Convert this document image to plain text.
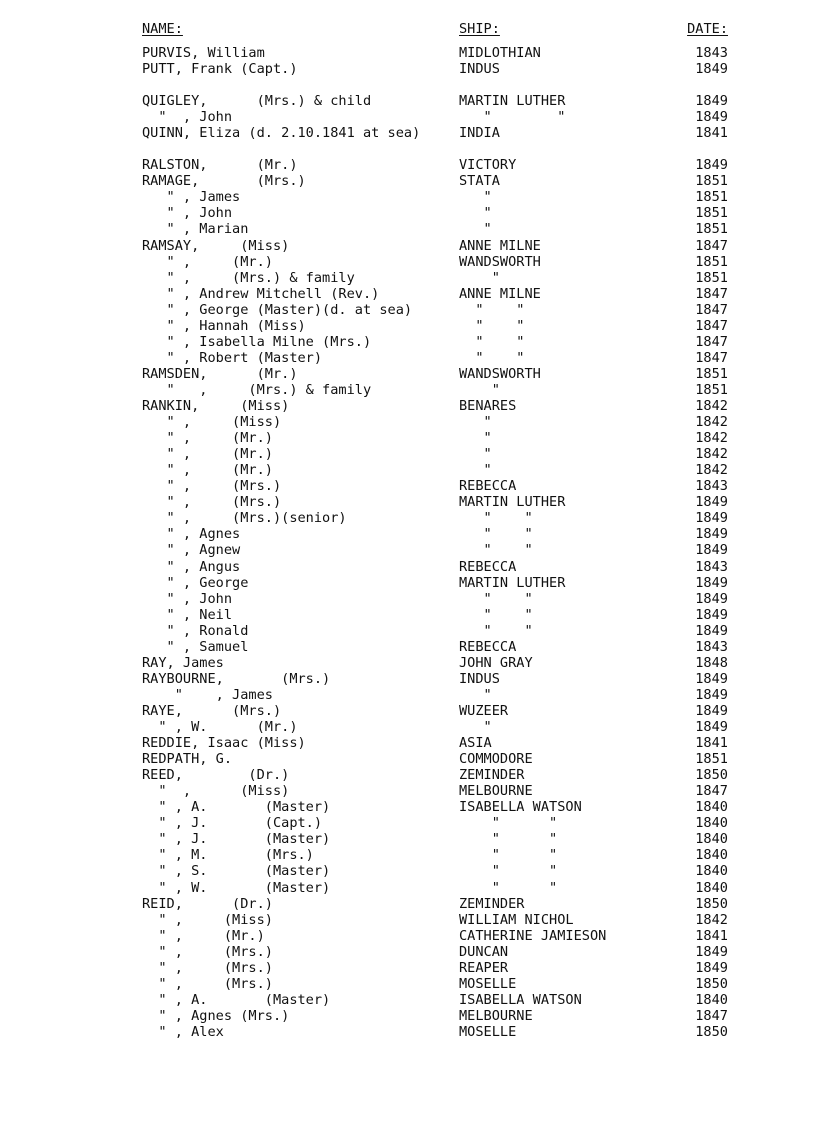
NAME:	SHIP:	DATE:
PURVIS, William	MIDLOTHIAN	1843
PUTT, Frank (Capt.)	INDUS	1849
QUIGLEY,      (Mrs.) & child	MARTIN LUTHER	1849
"  , John	"        "	1849
QUINN, Eliza (d. 2.10.1841 at sea)	INDIA	1841
RALSTON,      (Mr.)	VICTORY	1849
RAMAGE,       (Mrs.)	STATA	1851
" , James	"	1851
" , John	"	1851
" , Marian	"	1851
RAMSAY,     (Miss)	ANNE MILNE	1847
" ,     (Mr.)	WANDSWORTH	1851
" ,     (Mrs.) & family	"	1851
" , Andrew Mitchell (Rev.)	ANNE MILNE	1847
" , George (Master)(d. at sea)	"    "	1847
" , Hannah (Miss)	"    "	1847
" , Isabella Milne (Mrs.)	"    "	1847
" , Robert (Master)	"    "	1847
RAMSDEN,      (Mr.)	WANDSWORTH	1851
"   ,     (Mrs.) & family	"	1851
RANKIN,     (Miss)	BENARES	1842
" ,     (Miss)	"	1842
" ,     (Mr.)	"	1842
" ,     (Mr.)	"	1842
" ,     (Mr.)	"	1842
" ,     (Mrs.)	REBECCA	1843
" ,     (Mrs.)	MARTIN LUTHER	1849
" ,     (Mrs.)(senior)	"    "	1849
" , Agnes	"    "	1849
" , Agnew	"    "	1849
" , Angus	REBECCA	1843
" , George	MARTIN LUTHER	1849
" , John	"    "	1849
" , Neil	"    "	1849
" , Ronald	"    "	1849
" , Samuel	REBECCA	1843
RAY, James	JOHN GRAY	1848
RAYBOURNE,       (Mrs.)	INDUS	1849
"    , James	"	1849
RAYE,      (Mrs.)	WUZEER	1849
" , W.      (Mr.)	"	1849
REDDIE, Isaac (Miss)	ASIA	1841
REDPATH, G.	COMMODORE	1851
REED,        (Dr.)	ZEMINDER	1850
"  ,      (Miss)	MELBOURNE	1847
" , A.       (Master)	ISABELLA WATSON	1840
" , J.       (Capt.)	"      "	1840
" , J.       (Master)	"      "	1840
" , M.       (Mrs.)	"      "	1840
" , S.       (Master)	"      "	1840
" , W.       (Master)	"      "	1840
REID,      (Dr.)	ZEMINDER	1850
" ,     (Miss)	WILLIAM NICHOL	1842
" ,     (Mr.)	CATHERINE JAMIESON	1841
" ,     (Mrs.)	DUNCAN	1849
" ,     (Mrs.)	REAPER	1849
" ,     (Mrs.)	MOSELLE	1850
" , A.       (Master)	ISABELLA WATSON	1840
" , Agnes (Mrs.)	MELBOURNE	1847
" , Alex	MOSELLE	1850
